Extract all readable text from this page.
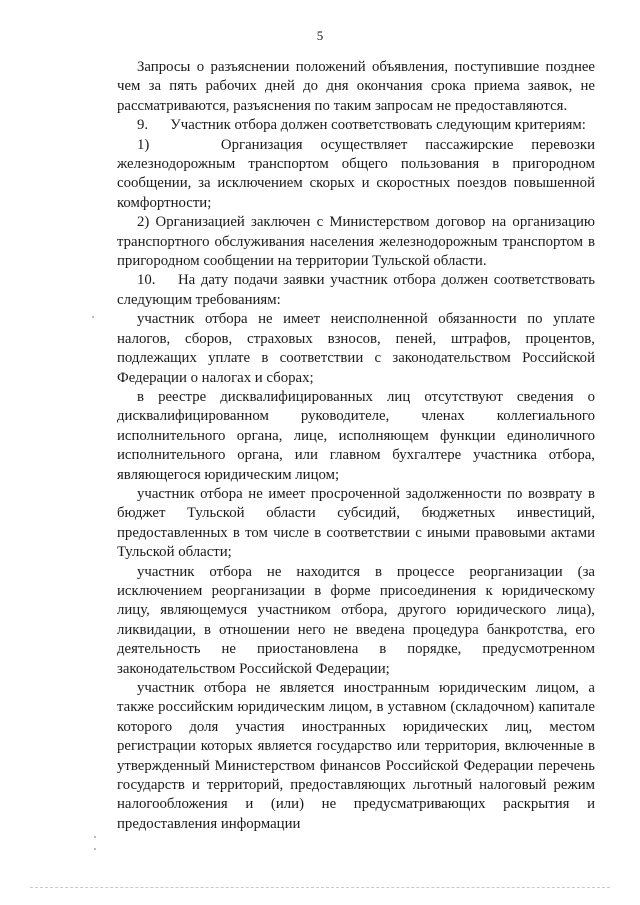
5

Запросы о разъяснении положений объявления, поступившие позднее чем за пять рабочих дней до дня окончания срока приема заявок, не рассматриваются, разъяснения по таким запросам не предоставляются.

9.      Участник отбора должен соответствовать следующим критериям:

1)    Организация осуществляет пассажирские перевозки железнодорожным транспортом общего пользования в пригородном сообщении, за исключением скорых и скоростных поездов повышенной комфортности;

2) Организацией заключен с Министерством договор на организацию транспортного обслуживания населения железнодорожным транспортом в пригородном сообщении на территории Тульской области.

10.    На дату подачи заявки участник отбора должен соответствовать следующим требованиям:

участник отбора не имеет неисполненной обязанности по уплате налогов, сборов, страховых взносов, пеней, штрафов, процентов, подлежащих уплате в соответствии с законодательством Российской Федерации о налогах и сборах;

в реестре дисквалифицированных лиц отсутствуют сведения о дисквалифицированном руководителе, членах коллегиального исполнительного органа, лице, исполняющем функции единоличного исполнительного органа, или главном бухгалтере участника отбора, являющегося юридическим лицом;

участник отбора не имеет просроченной задолженности по возврату в бюджет Тульской области субсидий, бюджетных инвестиций, предоставленных в том числе в соответствии с иными правовыми актами Тульской области;

участник отбора не находится в процессе реорганизации (за исключением реорганизации в форме присоединения к юридическому лицу, являющемуся участником отбора, другого юридического лица), ликвидации, в отношении него не введена процедура банкротства, его деятельность не приостановлена в порядке, предусмотренном законодательством Российской Федерации;

участник отбора не является иностранным юридическим лицом, а также российским юридическим лицом, в уставном (складочном) капитале которого доля участия иностранных юридических лиц, местом регистрации которых является государство или территория, включенные в утвержденный Министерством финансов Российской Федерации перечень государств и территорий, предоставляющих льготный налоговый режим налогообложения и (или) не предусматривающих раскрытия и предоставления информации
